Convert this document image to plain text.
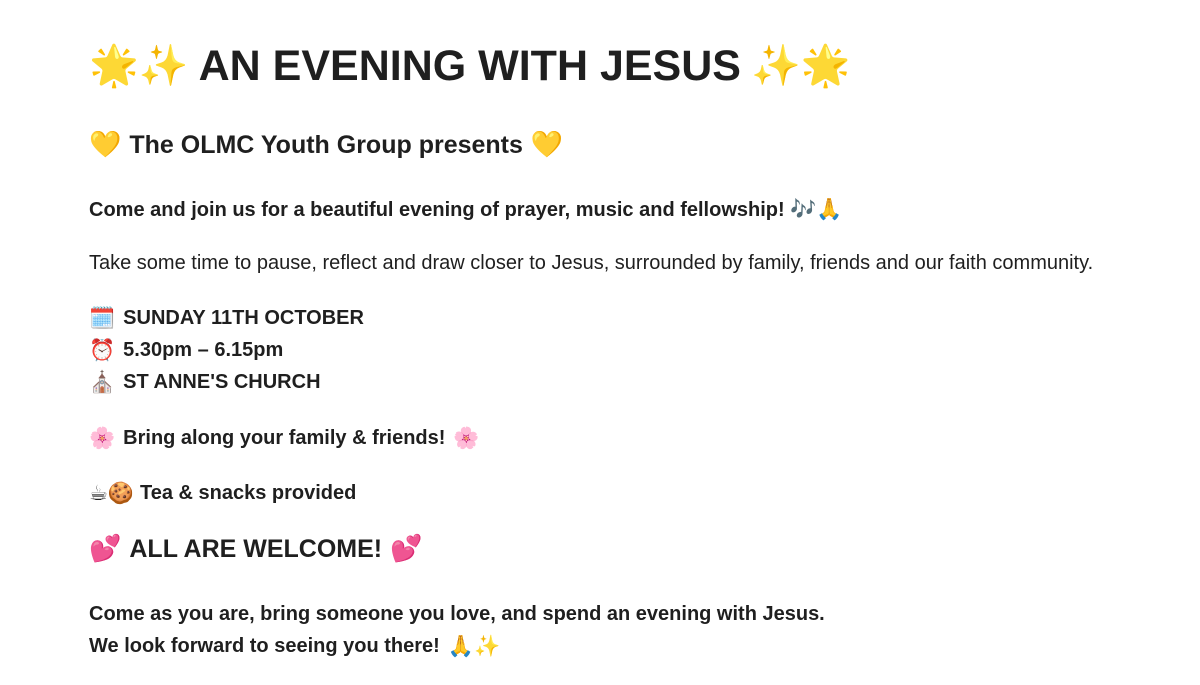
🌟✨ AN EVENING WITH JESUS ✨🌟
💛 The OLMC Youth Group presents 💛

Come and join us for a beautiful evening of prayer, music and fellowship! 🎶🙏

Take some time to pause, reflect and draw closer to Jesus, surrounded by family, friends and our faith community.

🗓️ SUNDAY 11TH OCTOBER
⏰ 5.30pm – 6.15pm
⛪ ST ANNE'S CHURCH

🌸 Bring along your family & friends! 🌸

☕🍪 Tea & snacks provided

💕 ALL ARE WELCOME! 💕
Come as you are, bring someone you love, and spend an evening with Jesus.
We look forward to seeing you there! 🙏✨
